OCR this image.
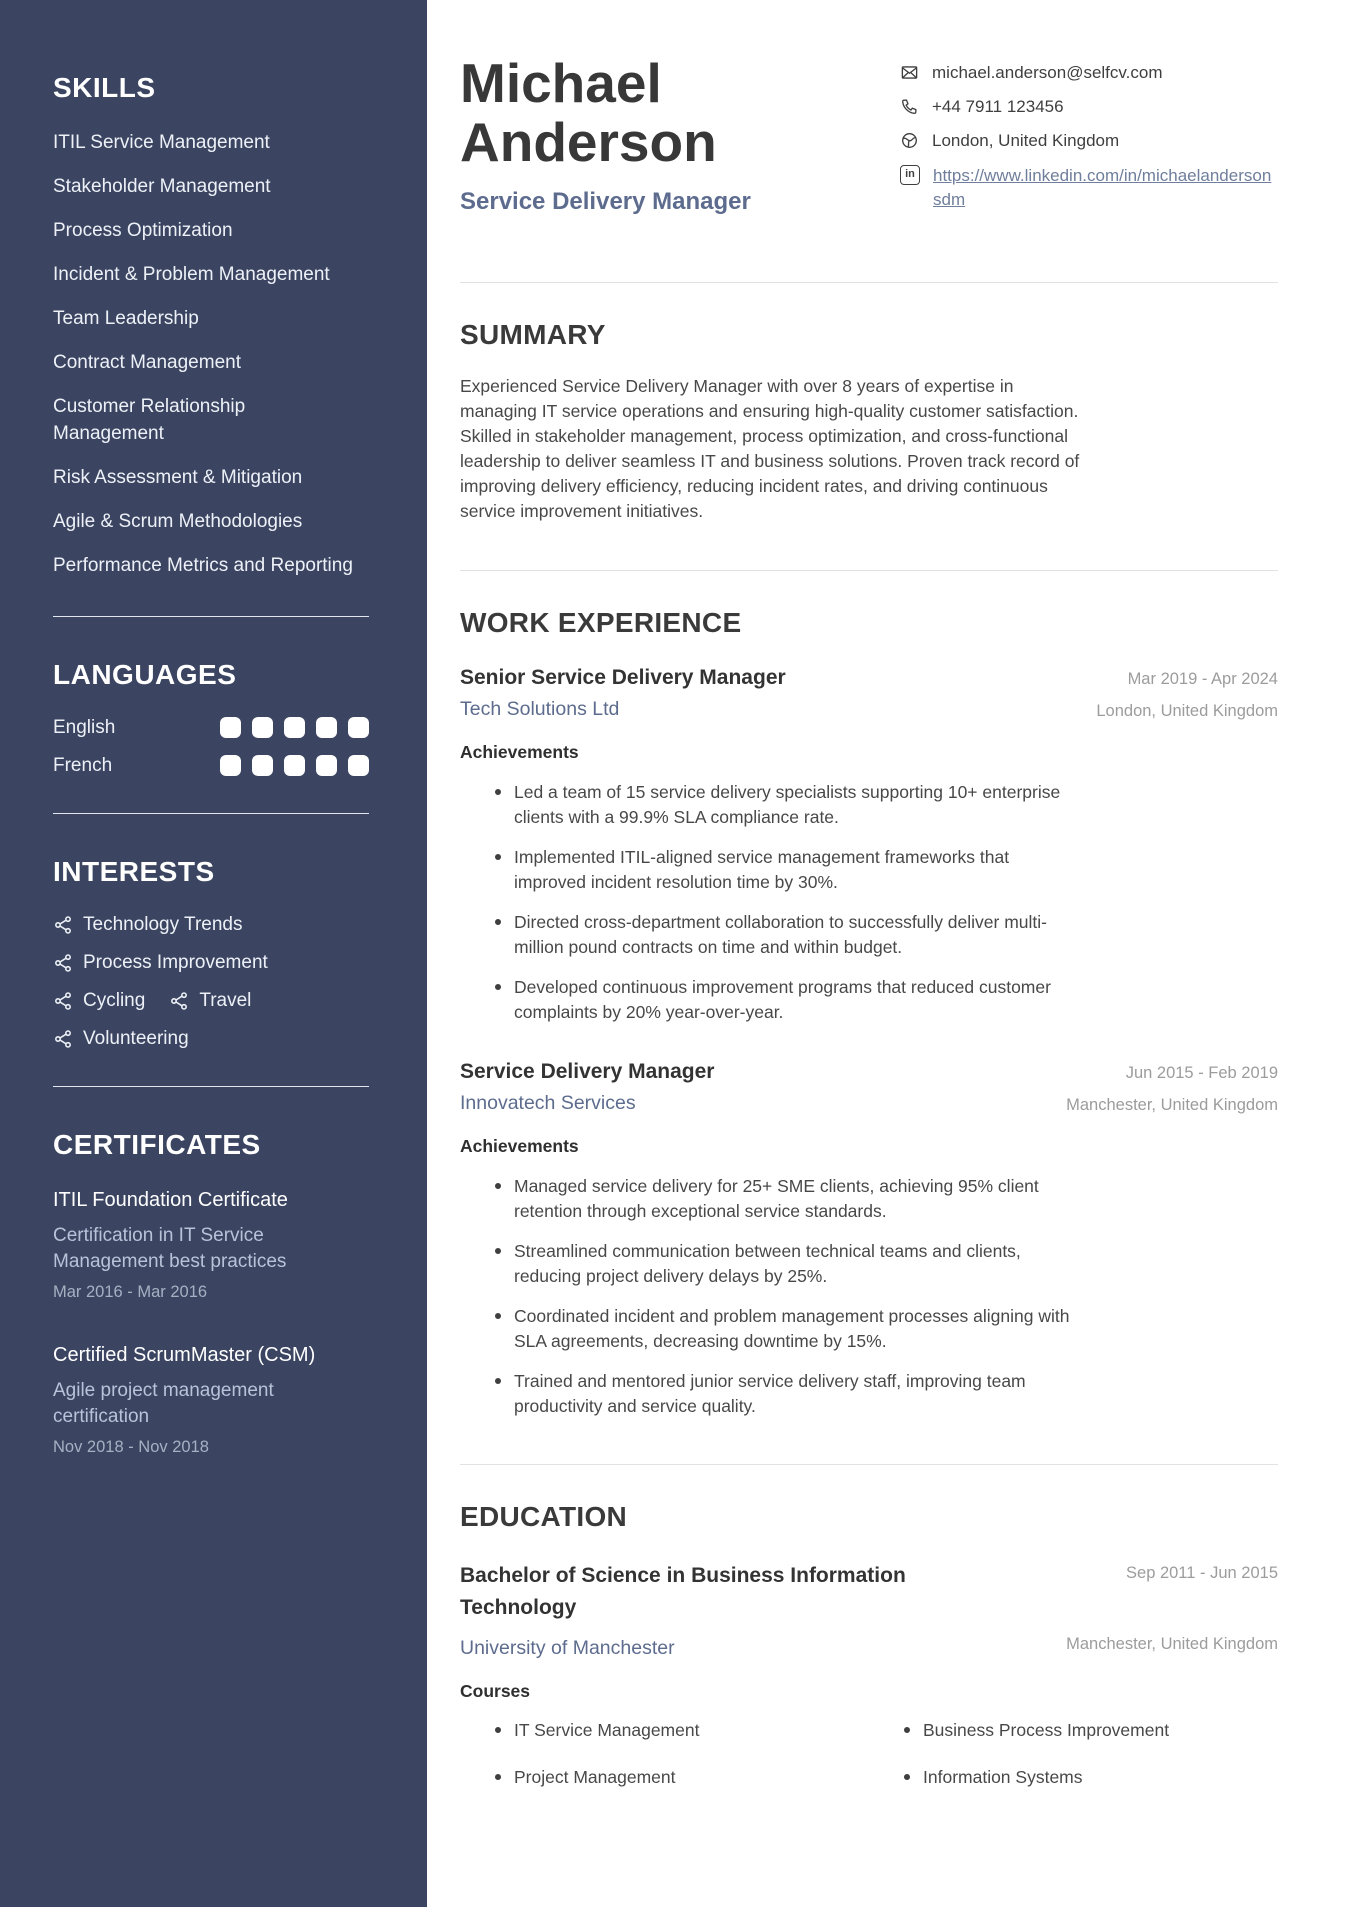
SKILLS
ITIL Service Management
Stakeholder Management
Process Optimization
Incident & Problem Management
Team Leadership
Contract Management
Customer Relationship Management
Risk Assessment & Mitigation
Agile & Scrum Methodologies
Performance Metrics and Reporting
LANGUAGES
English
French
INTERESTS
Technology Trends
Process Improvement
Cycling	Travel
Volunteering
CERTIFICATES
ITIL Foundation Certificate
Certification in IT Service Management best practices
Mar 2016 - Mar 2016
Certified ScrumMaster (CSM)
Agile project management certification
Nov 2018 - Nov 2018
Michael
Anderson
Service Delivery Manager
michael.anderson@selfcv.com
+44 7911 123456
London, United Kingdom
in	https://www.linkedin.com/in/michaelandersonsdm
SUMMARY

Experienced Service Delivery Manager with over 8 years of expertise in managing IT service operations and ensuring high-quality customer satisfaction. Skilled in stakeholder management, process optimization, and cross-functional leadership to deliver seamless IT and business solutions. Proven track record of improving delivery efficiency, reducing incident rates, and driving continuous service improvement initiatives.

WORK EXPERIENCE
Senior Service Delivery Manager	Mar 2019 - Apr 2024
Tech Solutions Ltd	London, United Kingdom
Achievements
Led a team of 15 service delivery specialists supporting 10+ enterprise clients with a 99.9% SLA compliance rate.
Implemented ITIL-aligned service management frameworks that improved incident resolution time by 30%.
Directed cross-department collaboration to successfully deliver multi-million pound contracts on time and within budget.
Developed continuous improvement programs that reduced customer complaints by 20% year-over-year.
Service Delivery Manager	Jun 2015 - Feb 2019
Innovatech Services	Manchester, United Kingdom
Achievements
Managed service delivery for 25+ SME clients, achieving 95% client retention through exceptional service standards.
Streamlined communication between technical teams and clients, reducing project delivery delays by 25%.
Coordinated incident and problem management processes aligning with SLA agreements, decreasing downtime by 15%.
Trained and mentored junior service delivery staff, improving team productivity and service quality.
EDUCATION
Bachelor of Science in Business Information Technology
Sep 2011 - Jun 2015
University of Manchester	Manchester, United Kingdom
Courses
IT Service Management	Business Process Improvement
Project Management	Information Systems
